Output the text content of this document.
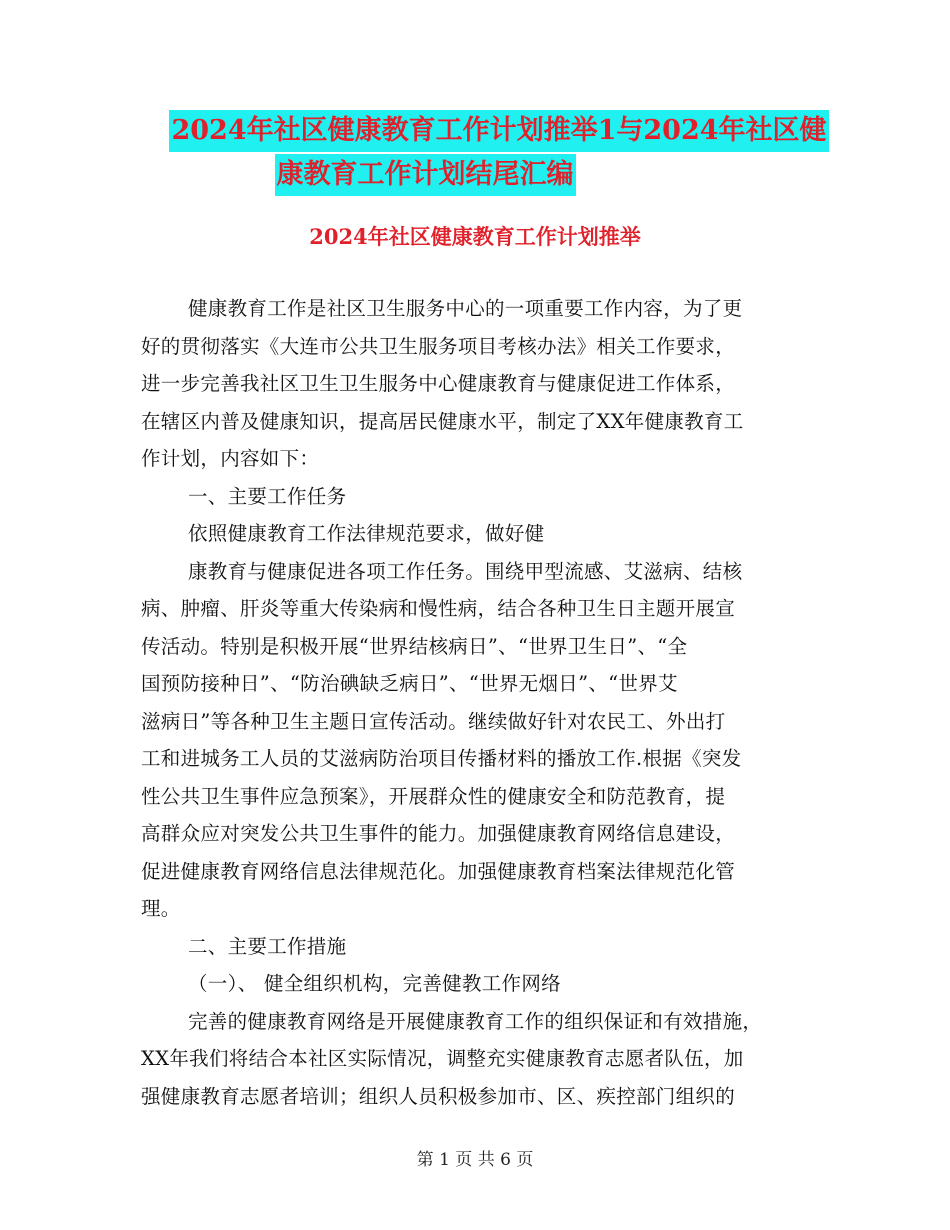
2024年社区健康教育工作计划推举1与2024年社区健
康教育工作计划结尾汇编
2024年社区健康教育工作计划推举
健康教育工作是社区卫生服务中心的一项重要工作内容，为了更
好的贯彻落实《大连市公共卫生服务项目考核办法》相关工作要求，
进一步完善我社区卫生卫生服务中心健康教育与健康促进工作体系，
在辖区内普及健康知识，提高居民健康水平，制定了XX年健康教育工
作计划，内容如下：
一、主要工作任务
依照健康教育工作法律规范要求，做好健
康教育与健康促进各项工作任务。围绕甲型流感、艾滋病、结核
病、肿瘤、肝炎等重大传染病和慢性病，结合各种卫生日主题开展宣
传活动。特别是积极开展“世界结核病日”、“世界卫生日”、“全
国预防接种日”、“防治碘缺乏病日”、“世界无烟日”、“世界艾
滋病日”等各种卫生主题日宣传活动。继续做好针对农民工、外出打
工和进城务工人员的艾滋病防治项目传播材料的播放工作.根据《突发
性公共卫生事件应急预案》，开展群众性的健康安全和防范教育，提
高群众应对突发公共卫生事件的能力。加强健康教育网络信息建设，
促进健康教育网络信息法律规范化。加强健康教育档案法律规范化管
理。
二、主要工作措施
（一）、 健全组织机构，完善健教工作网络
完善的健康教育网络是开展健康教育工作的组织保证和有效措施，
XX年我们将结合本社区实际情况，调整充实健康教育志愿者队伍，加
强健康教育志愿者培训；组织人员积极参加市、区、疾控部门组织的
第 1 页 共 6 页
